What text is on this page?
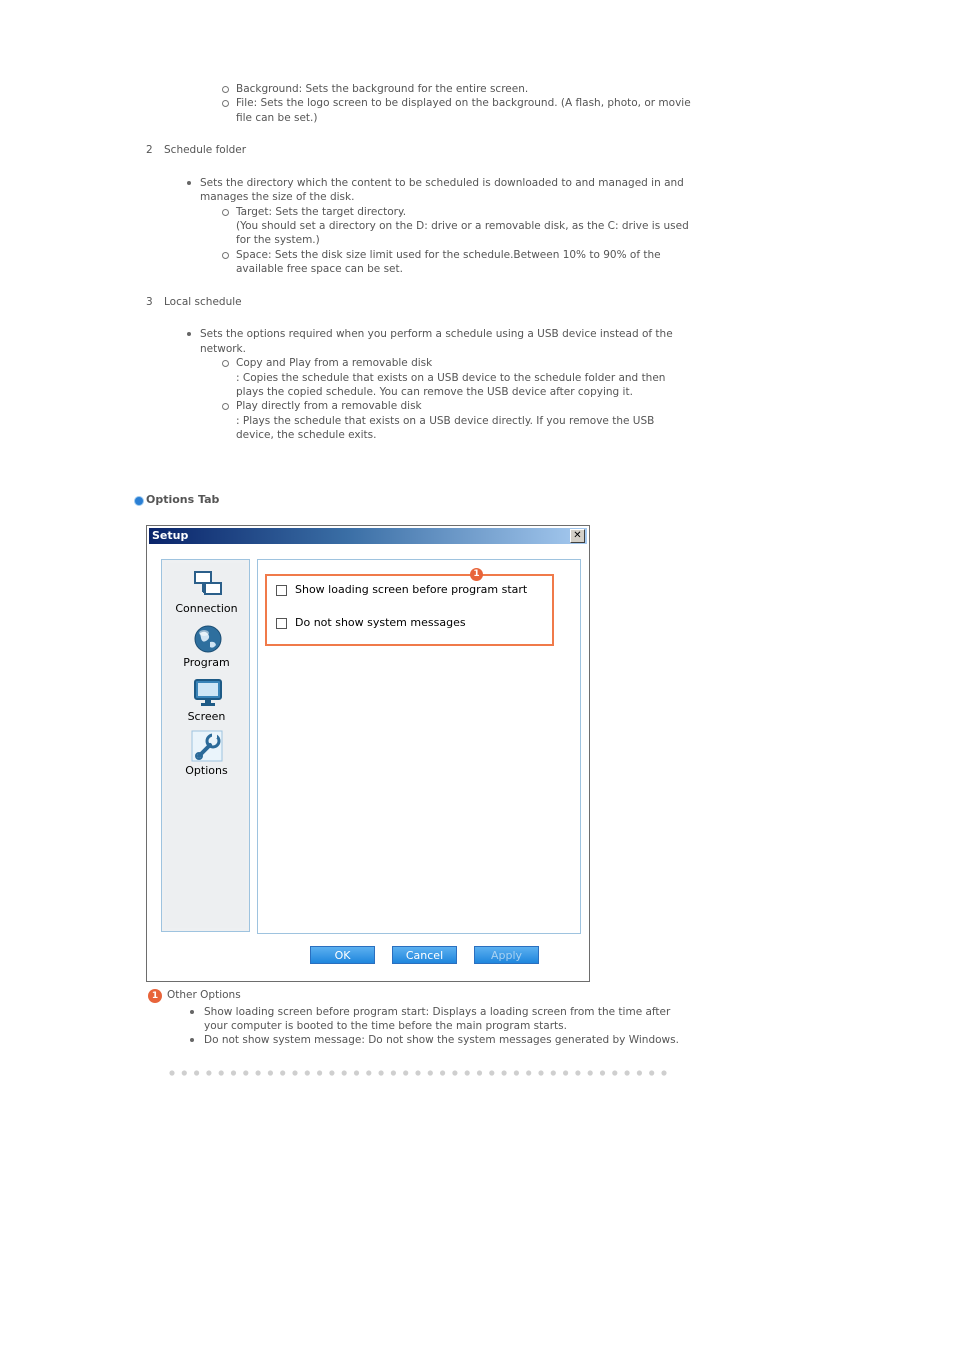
Background: Sets the background for the entire screen.
File: Sets the logo screen to be displayed on the background. (A flash, photo, or movie
file can be set.)
2 Schedule folder
Sets the directory which the content to be scheduled is downloaded to and managed in and
manages the size of the disk.
Target: Sets the target directory.
(You should set a directory on the D: drive or a removable disk, as the C: drive is used
for the system.)
Space: Sets the disk size limit used for the schedule.Between 10% to 90% of the
available free space can be set.
3 Local schedule
Sets the options required when you perform a schedule using a USB device instead of the
network.
Copy and Play from a removable disk
: Copies the schedule that exists on a USB device to the schedule folder and then
plays the copied schedule. You can remove the USB device after copying it.
Play directly from a removable disk
: Plays the schedule that exists on a USB device directly. If you remove the USB
device, the schedule exits.
Options Tab
Setup	✕
Connection
Program
Screen
Options
Show loading screen before program start
Do not show system messages
1
OK	Cancel	Apply
1 Other Options
Show loading screen before program start: Displays a loading screen from the time after
your computer is booted to the time before the main program starts.
Do not show system message: Do not show the system messages generated by Windows.
